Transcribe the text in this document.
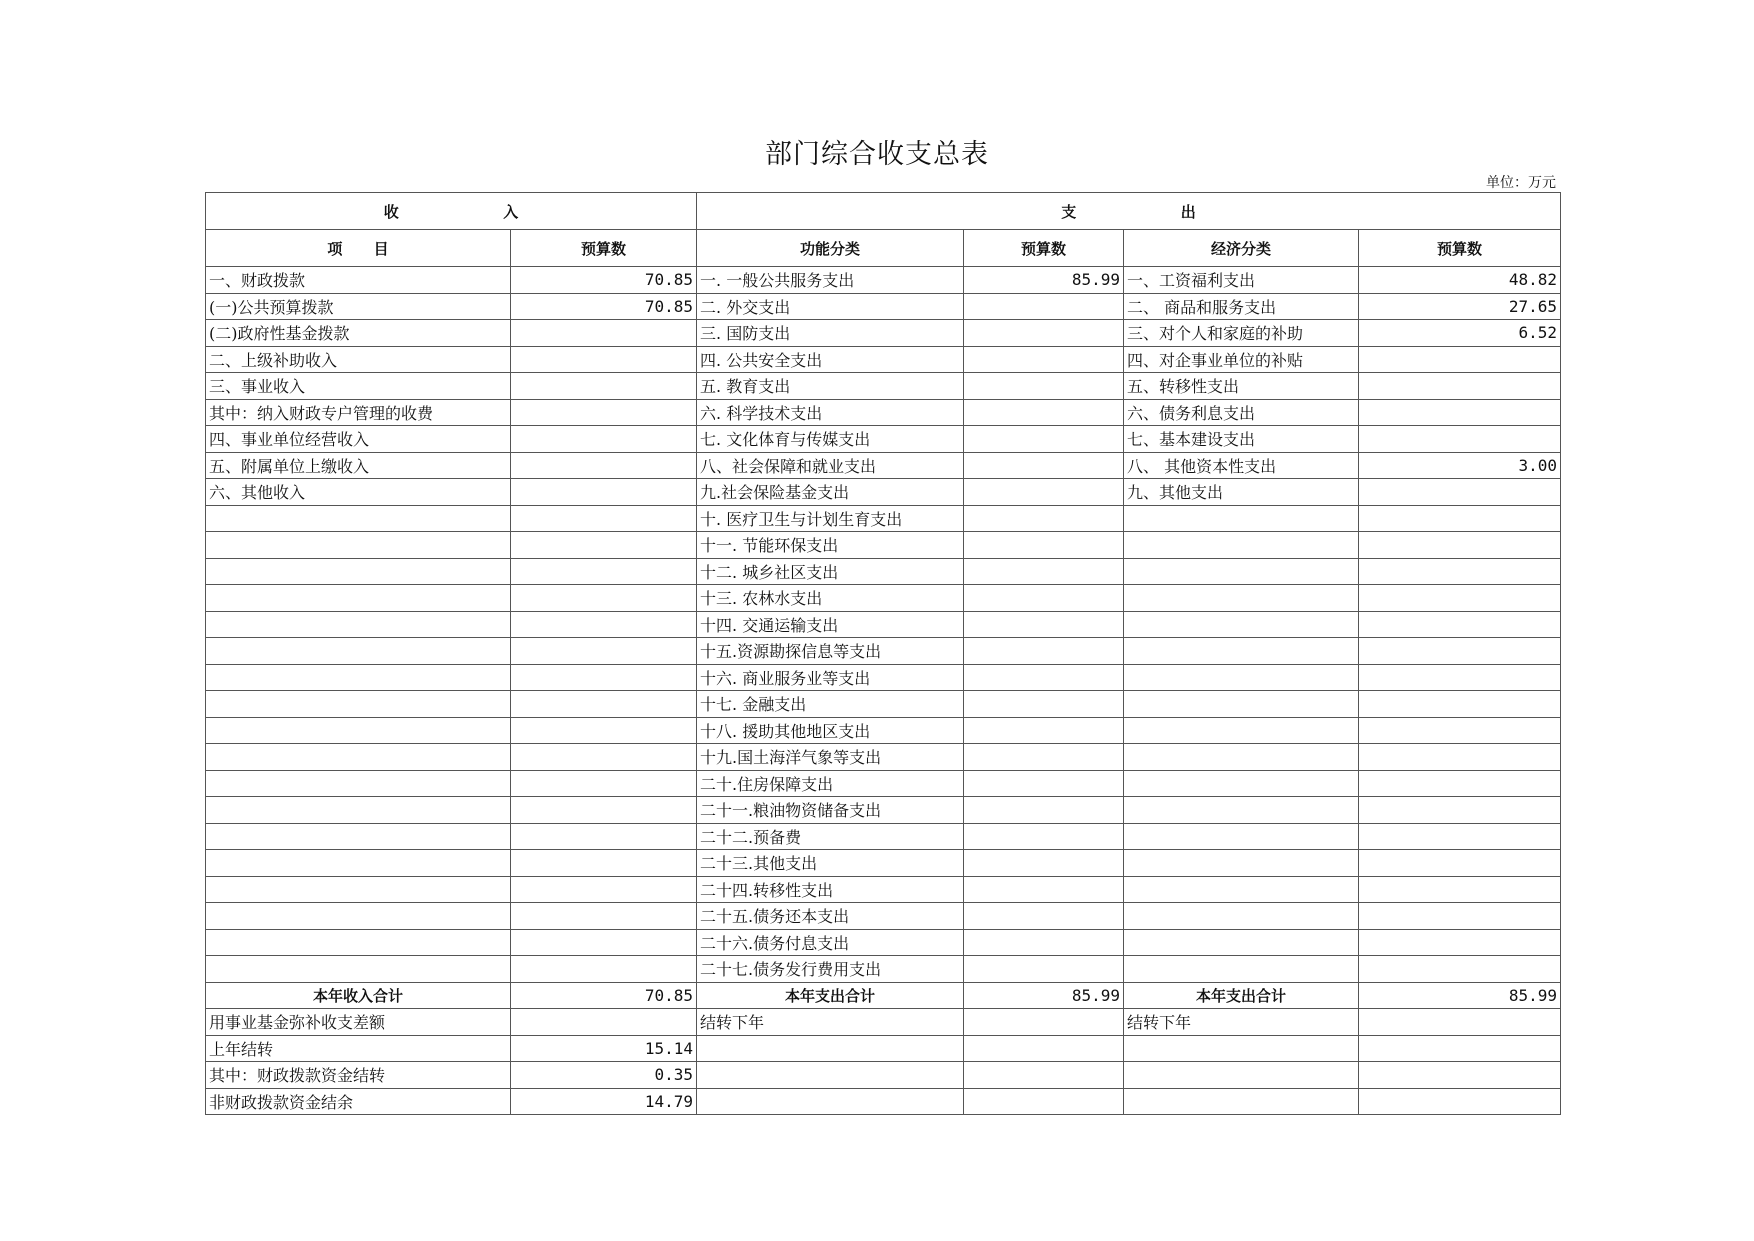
部门综合收支总表
单位：万元
收                    入		支                    出			
项      目	预算数	功能分类	预算数	经济分类	预算数
一、财政拨款	70.85	一. 一般公共服务支出	85.99	一、工资福利支出	48.82
(一)公共预算拨款	70.85	二. 外交支出		二、 商品和服务支出	27.65
(二)政府性基金拨款		三. 国防支出		三、对个人和家庭的补助	6.52
二、上级补助收入		四. 公共安全支出		四、对企事业单位的补贴	
三、事业收入		五. 教育支出		五、转移性支出	
其中：纳入财政专户管理的收费		六. 科学技术支出		六、债务利息支出	
四、事业单位经营收入		七. 文化体育与传媒支出		七、基本建设支出	
五、附属单位上缴收入		八、社会保障和就业支出		八、 其他资本性支出	3.00
六、其他收入		九.社会保险基金支出		九、其他支出	
		十. 医疗卫生与计划生育支出			
		十一. 节能环保支出			
		十二. 城乡社区支出			
		十三. 农林水支出			
		十四. 交通运输支出			
		十五.资源勘探信息等支出			
		十六. 商业服务业等支出			
		十七. 金融支出			
		十八. 援助其他地区支出			
		十九.国土海洋气象等支出			
		二十.住房保障支出			
		二十一.粮油物资储备支出			
		二十二.预备费			
		二十三.其他支出			
		二十四.转移性支出			
		二十五.债务还本支出			
		二十六.债务付息支出			
		二十七.债务发行费用支出			
本年收入合计	70.85	本年支出合计	85.99	本年支出合计	85.99
用事业基金弥补收支差额		结转下年		结转下年	
上年结转	15.14				
其中：财政拨款资金结转	0.35				
非财政拨款资金结余	14.79				
